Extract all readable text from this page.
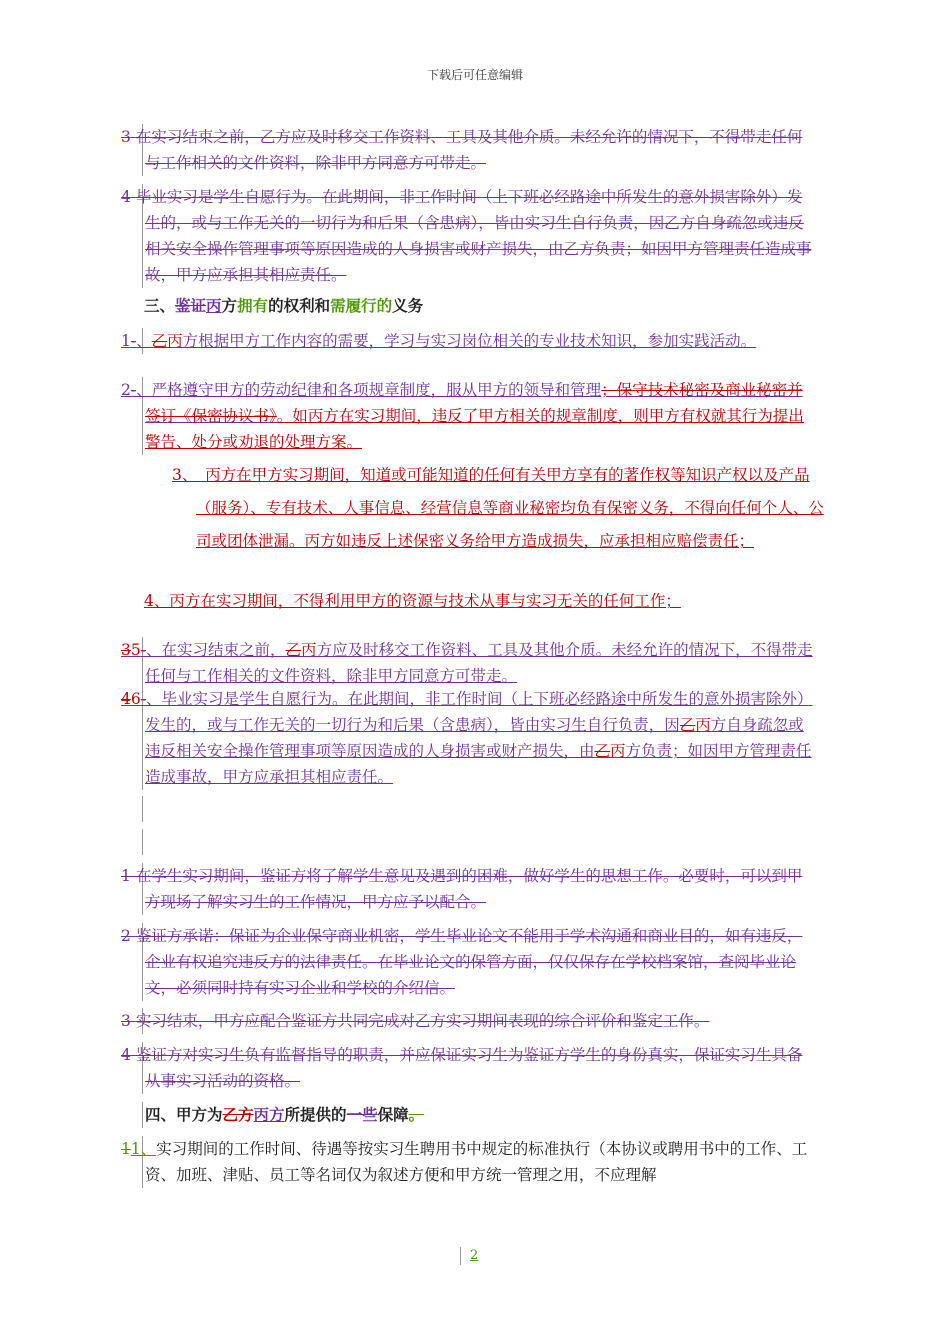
下载后可任意编辑
3 在实习结束之前，乙方应及时移交工作资料、工具及其他介质。未经允许的情况下，不得带走任何与工作相关的文件资料，除非甲方同意方可带走。
4 毕业实习是学生自愿行为。在此期间，非工作时间（上下班必经路途中所发生的意外损害除外）发生的，或与工作无关的一切行为和后果（含患病），皆由实习生自行负责，因乙方自身疏忽或违反相关安全操作管理事项等原因造成的人身损害或财产损失，由乙方负责；如因甲方管理责任造成事故，甲方应承担其相应责任。
三、鉴证丙方拥有的权利和需履行的义务
1-、乙丙方根据甲方工作内容的需要，学习与实习岗位相关的专业技术知识，参加实践活动。
2-、严格遵守甲方的劳动纪律和各项规章制度，服从甲方的领导和管理；保守技术秘密及商业秘密并签订《保密协议书》。如丙方在实习期间，违反了甲方相关的规章制度，则甲方有权就其行为提出警告、处分或劝退的处理方案。
3、　丙方在甲方实习期间，知道或可能知道的任何有关甲方享有的著作权等知识产权以及产品（服务）、专有技术、人事信息、经营信息等商业秘密均负有保密义务，不得向任何个人、公司或团体泄漏。丙方如违反上述保密义务给甲方造成损失，应承担相应赔偿责任；
4、丙方在实习期间，不得利用甲方的资源与技术从事与实习无关的任何工作；
35-、在实习结束之前，乙丙方应及时移交工作资料、工具及其他介质。未经允许的情况下，不得带走任何与工作相关的文件资料，除非甲方同意方可带走。
46-、毕业实习是学生自愿行为。在此期间，非工作时间（上下班必经路途中所发生的意外损害除外）发生的，或与工作无关的一切行为和后果（含患病），皆由实习生自行负责，因乙丙方自身疏忽或违反相关安全操作管理事项等原因造成的人身损害或财产损失，由乙丙方负责；如因甲方管理责任造成事故，甲方应承担其相应责任。
1 在学生实习期间，鉴证方将了解学生意见及遇到的困难，做好学生的思想工作。必要时，可以到甲方现场了解实习生的工作情况，甲方应予以配合。
2 鉴证方承诺：保证为企业保守商业机密，学生毕业论文不能用于学术沟通和商业目的，如有违反，企业有权追究违反方的法律责任。在毕业论文的保管方面，仅仅保存在学校档案馆，查阅毕业论文，必须同时持有实习企业和学校的介绍信。
3 实习结束，甲方应配合鉴证方共同完成对乙方实习期间表现的综合评价和鉴定工作。
4 鉴证方对实习生负有监督指导的职责，并应保证实习生为鉴证方学生的身份真实，保证实习生具备从事实习活动的资格。
四、甲方为乙方丙方所提供的一些保障。
11、实习期间的工作时间、待遇等按实习生聘用书中规定的标准执行（本协议或聘用书中的工作、工资、加班、津贴、员工等名词仅为叙述方便和甲方统一管理之用，不应理解
2
